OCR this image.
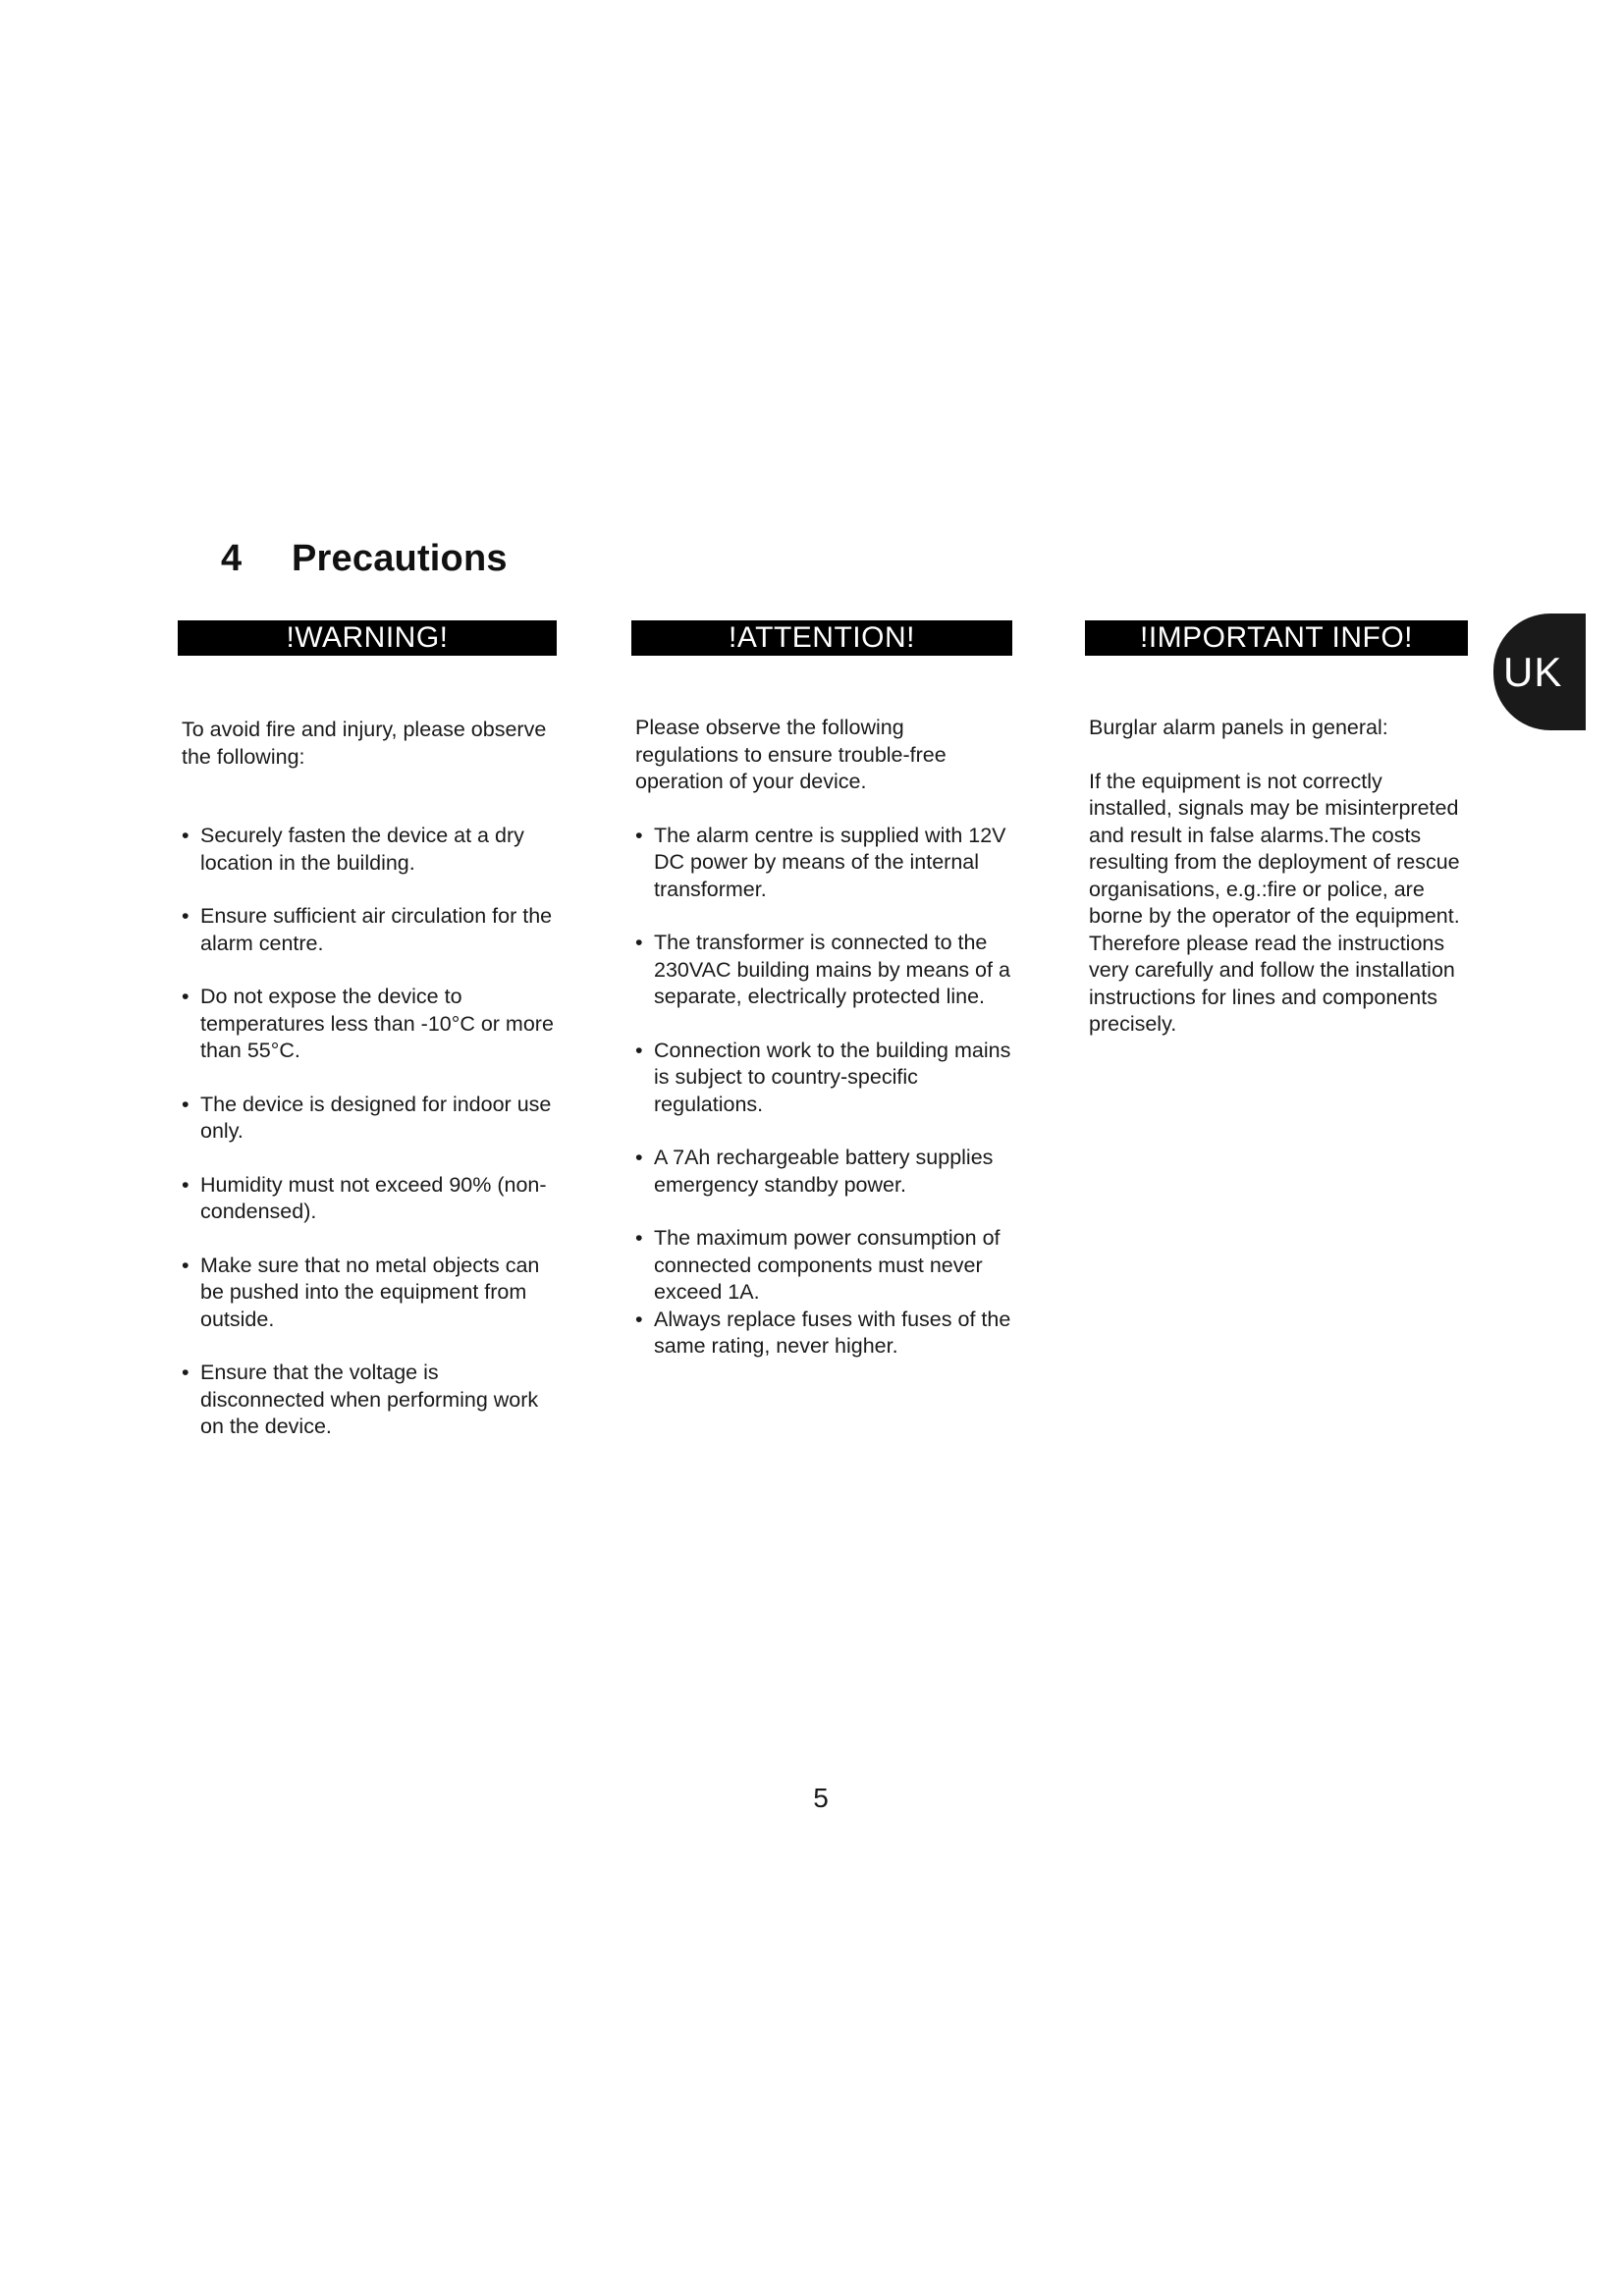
4 Precautions
!WARNING!

To avoid fire and injury, please observe the following:

• Securely fasten the device at a dry location in the building.
• Ensure sufficient air circulation for the alarm centre.
• Do not expose the device to temperatures less than -10°C or more than 55°C.
• The device is designed for indoor use only.
• Humidity must not exceed 90% (non-condensed).
• Make sure that no metal objects can be pushed into the equipment from outside.
• Ensure that the voltage is disconnected when performing work on the device.
!ATTENTION!

Please observe the following regulations to ensure trouble-free operation of your device.

• The alarm centre is supplied with 12V DC power by means of the internal transformer.
• The transformer is connected to the 230VAC building mains by means of a separate, electrically protected line.
• Connection work to the building mains is subject to country-specific regulations.
• A 7Ah rechargeable battery supplies emergency standby power.
• The maximum power consumption of connected components must never exceed 1A.
• Always replace fuses with fuses of the same rating, never higher.
!IMPORTANT INFO!

Burglar alarm panels in general:

If the equipment is not correctly installed, signals may be misinterpreted and result in false alarms.The costs resulting from the deployment of rescue organisations, e.g.:fire or police, are borne by the operator of the equipment. Therefore please read the instructions very carefully and follow the installation instructions for lines and components precisely.

UK
5
